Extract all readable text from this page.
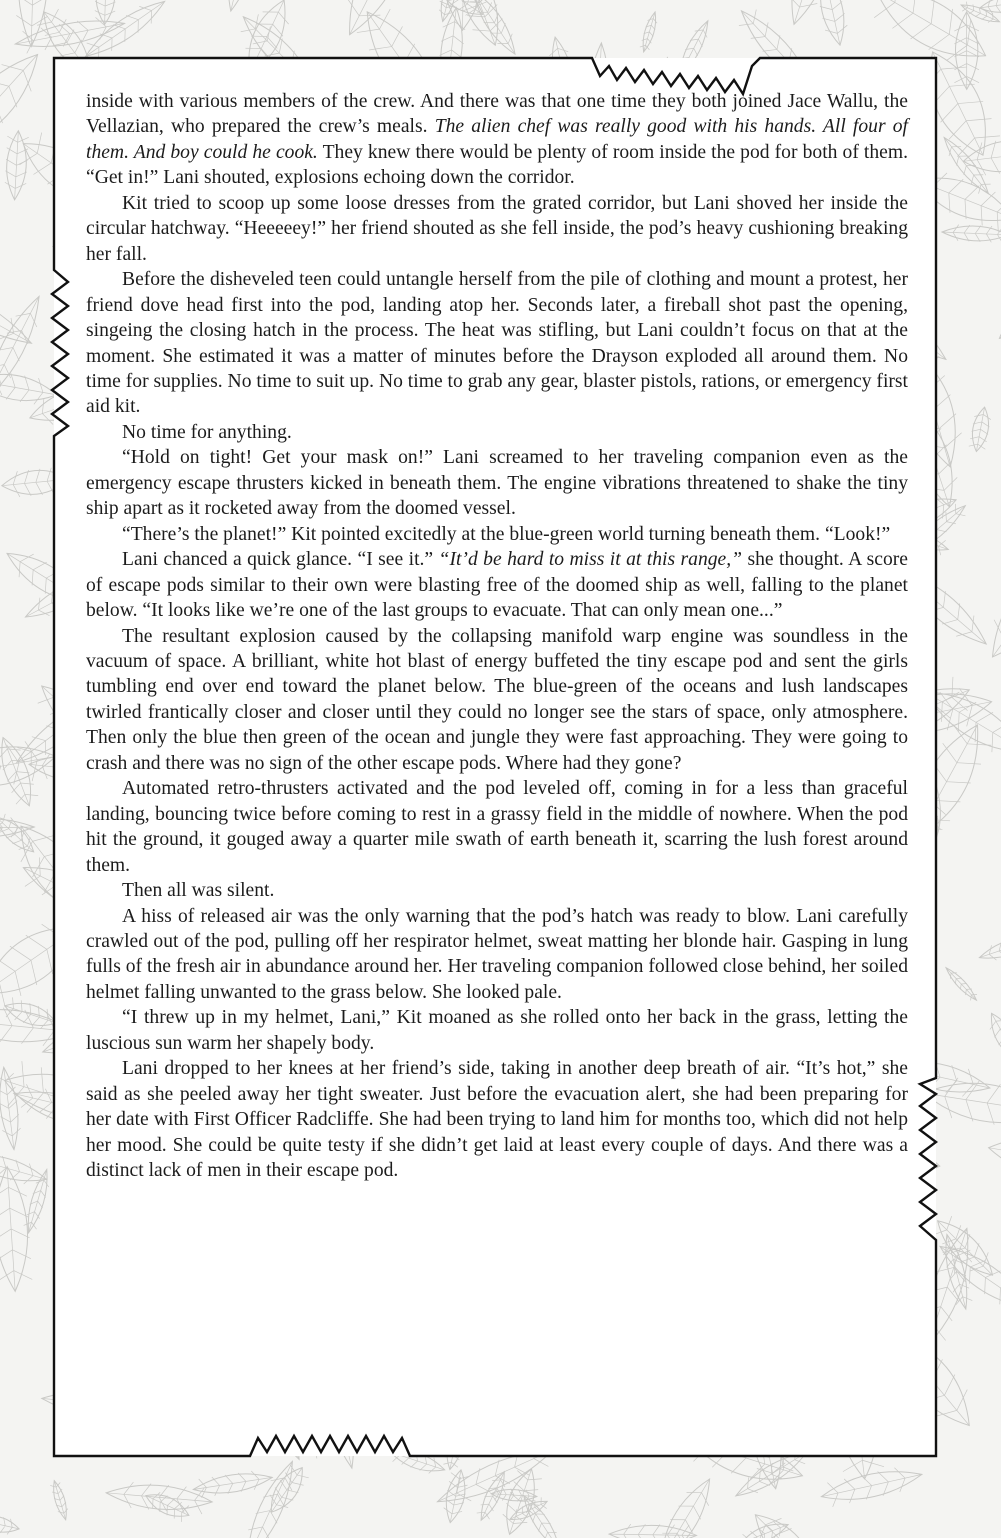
inside with various members of the crew. And there was that one time they both joined Jace Wallu, the Vellazian, who prepared the crew’s meals. The alien chef was really good with his hands. All four of them. And boy could he cook. They knew there would be plenty of room inside the pod for both of them. “Get in!” Lani shouted, explosions echoing down the corridor.

Kit tried to scoop up some loose dresses from the grated corridor, but Lani shoved her inside the circular hatchway. “Heeeeey!” her friend shouted as she fell inside, the pod’s heavy cushioning breaking her fall.

Before the disheveled teen could untangle herself from the pile of clothing and mount a protest, her friend dove head first into the pod, landing atop her. Seconds later, a fireball shot past the opening, singeing the closing hatch in the process. The heat was stifling, but Lani couldn’t focus on that at the moment. She estimated it was a matter of minutes before the Drayson exploded all around them. No time for supplies. No time to suit up. No time to grab any gear, blaster pistols, rations, or emergency first aid kit.

No time for anything.

“Hold on tight! Get your mask on!” Lani screamed to her traveling companion even as the emergency escape thrusters kicked in beneath them. The engine vibrations threatened to shake the tiny ship apart as it rocketed away from the doomed vessel.

“There’s the planet!” Kit pointed excitedly at the blue-green world turning beneath them. “Look!”

Lani chanced a quick glance. “I see it.” “It’d be hard to miss it at this range,” she thought. A score of escape pods similar to their own were blasting free of the doomed ship as well, falling to the planet below. “It looks like we’re one of the last groups to evacuate. That can only mean one...”

The resultant explosion caused by the collapsing manifold warp engine was soundless in the vacuum of space. A brilliant, white hot blast of energy buffeted the tiny escape pod and sent the girls tumbling end over end toward the planet below. The blue-green of the oceans and lush landscapes twirled frantically closer and closer until they could no longer see the stars of space, only atmosphere. Then only the blue then green of the ocean and jungle they were fast approaching. They were going to crash and there was no sign of the other escape pods. Where had they gone?

Automated retro-thrusters activated and the pod leveled off, coming in for a less than graceful landing, bouncing twice before coming to rest in a grassy field in the middle of nowhere. When the pod hit the ground, it gouged away a quarter mile swath of earth beneath it, scarring the lush forest around them.

Then all was silent.

A hiss of released air was the only warning that the pod’s hatch was ready to blow. Lani carefully crawled out of the pod, pulling off her respirator helmet, sweat matting her blonde hair. Gasping in lung fulls of the fresh air in abundance around her. Her traveling companion followed close behind, her soiled helmet falling unwanted to the grass below. She looked pale.

“I threw up in my helmet, Lani,” Kit moaned as she rolled onto her back in the grass, letting the luscious sun warm her shapely body.

Lani dropped to her knees at her friend’s side, taking in another deep breath of air. “It’s hot,” she said as she peeled away her tight sweater. Just before the evacuation alert, she had been preparing for her date with First Officer Radcliffe. She had been trying to land him for months too, which did not help her mood. She could be quite testy if she didn’t get laid at least every couple of days. And there was a distinct lack of men in their escape pod.
